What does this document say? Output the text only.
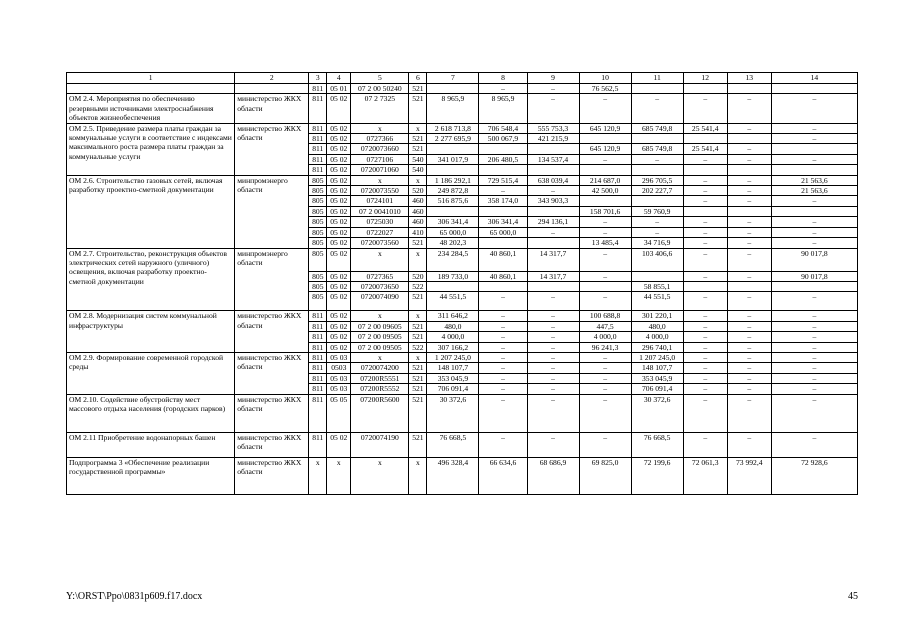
1	2	3	4	5	6	7	8	9	10	11	12	13	14
		811	05 01	07 2 00 50240	521		–	–	76 562,5				
ОМ 2.4. Мероприятия по обеспечению резервными источниками электроснабжения объектов жизнеобеспечения	министерство ЖКХ области	811	05 02	07 2 7325	521	8 965,9	8 965,9	–	–	–	–	–	–
ОМ 2.5. Приведение размера платы граждан за коммунальные услуги в соответствие с индексами максимального роста размера платы граждан за коммунальные услуги	министерство ЖКХ области	811	05 02	х	х	2 618 713,8	706 548,4	555 753,3	645 120,9	685 749,8	25 541,4	–	–
		811	05 02	0727366	521	2 277 695,9	500 067,9	421 215,9					–
		811	05 02	0720073660	521				645 120,9	685 749,8	25 541,4	–	
		811	05 02	0727106	540	341 017,9	206 480,5	134 537,4	–	–	–	–	–
		811	05 02	0720071060	540								
ОМ 2.6. Строительство газовых сетей, включая разработку проектно-сметной документации	минпромэнерго области	805	05 02	х	х	1 186 292,1	729 515,4	638 039,4	214 687,0	296 705,5	–	–	21 563,6
		805	05 02	0720073550	520	249 872,8	–	–	42 500,0	202 227,7	–	–	21 563,6
		805	05 02	0724101	460	516 875,6	358 174,0	343 903,3			–	–	–
		805	05 02	07 2 0041010	460				158 701,6	59 760,9			
		805	05 02	0725030	460	306 341,4	306 341,4	294 136,1	–	–	–	–	–
		805	05 02	0722027	410	65 000,0	65 000,0	–	–	–	–	–	–
		805	05 02	0720073560	521	48 202,3			13 485,4	34 716,9	–	–	–
ОМ 2.7. Строительство, реконструкция объектов электрических сетей наружного (уличного) освещения, включая разработку проектно-сметной документации	минпромэнерго области	805	05 02	х	х	234 284,5	40 860,1	14 317,7	–	103 406,6	–	–	90 017,8
		805	05 02	0727365	520	189 733,0	40 860,1	14 317,7	–		–	–	90 017,8
		805	05 02	0720073650	522					58 855,1			
		805	05 02	0720074090	521	44 551,5	–	–	–	44 551,5	–	–	–
ОМ 2.8. Модернизация систем коммунальной инфраструктуры	министерство ЖКХ области	811	05 02	х	х	311 646,2	–	–	100 688,8	301 220,1	–	–	–
		811	05 02	07 2 00 09605	521	480,0	–	–	447,5	480,0	–	–	–
		811	05 02	07 2 00 09505	521	4 000,0	–	–	4 000,0	4 000,0	–	–	–
		811	05 02	07 2 00 09505	522	307 166,2	–	–	96 241,3	296 740,1	–	–	–
ОМ 2.9. Формирование современной городской среды	министерство ЖКХ области	811	05 03	х	х	1 207 245,0	–	–	–	1 207 245,0	–	–	–
		811	0503	0720074200	521	148 107,7	–	–	–	148 107,7	–	–	–
		811	05 03	07200R5551	521	353 045,9	–	–	–	353 045,9	–	–	–
		811	05 03	07200R5552	521	706 091,4	–	–	–	706 091,4	–	–	–
ОМ 2.10. Содействие обустройству мест массового отдыха населения (городских парков)	министерство ЖКХ области	811	05 05	07200R5600	521	30 372,6	–	–	–	30 372,6	–	–	–
ОМ 2.11 Приобретение водонапорных башен	министерство ЖКХ области	811	05 02	0720074190	521	76 668,5	–	–	–	76 668,5	–	–	–
Подпрограмма 3 «Обеспечение реализации государственной программы»	министерство ЖКХ области	х	х	х	х	496 328,4	66 634,6	68 686,9	69 825,0	72 199,6	72 061,3	73 992,4	72 928,6
Y:\ORST\Ppo\0831p609.f17.docx	45
